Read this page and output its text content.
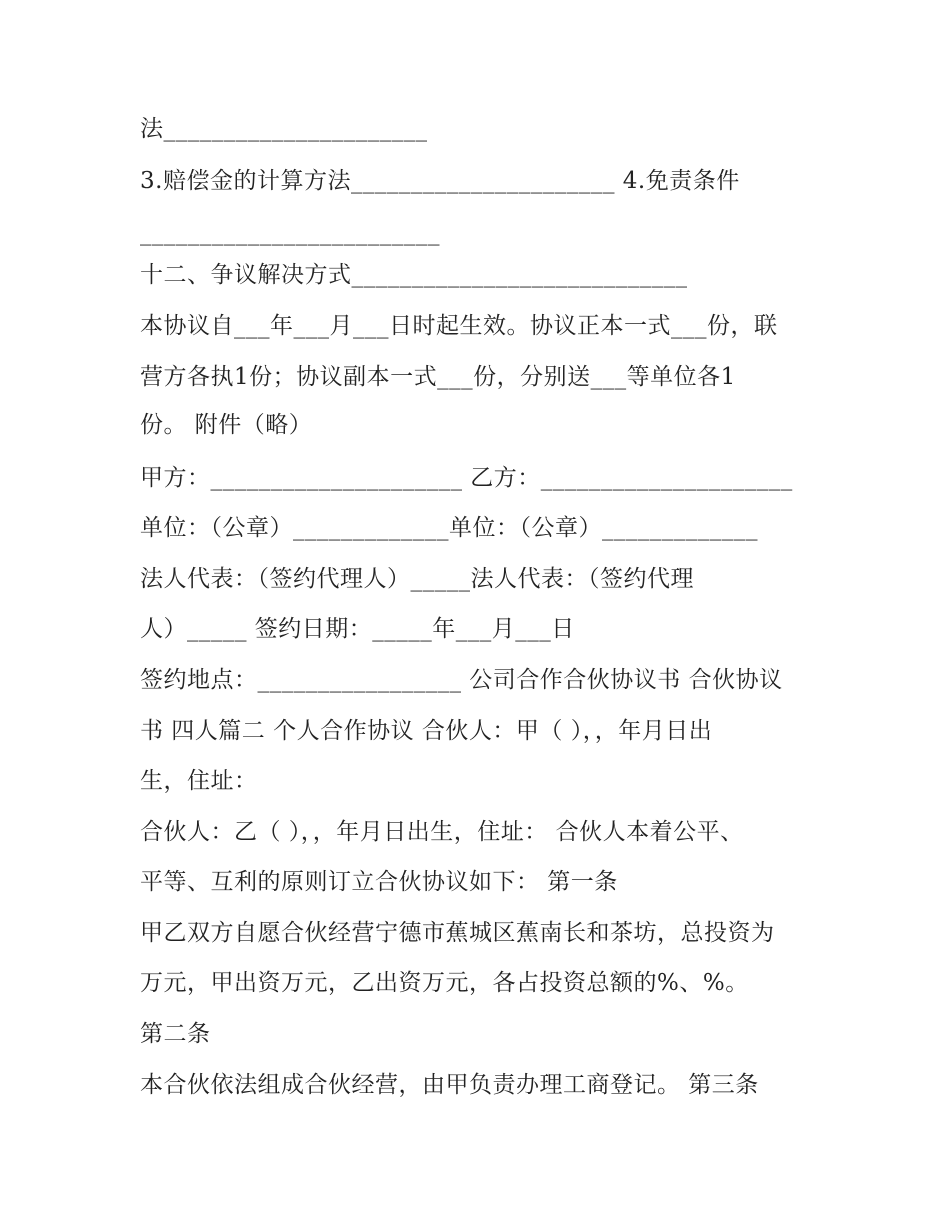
法______________________
3.赔偿金的计算方法______________________ 4.免责条件
_________________________
十二、争议解决方式____________________________
本协议自___年___月___日时起生效。协议正本一式___份，联
营方各执1份；协议副本一式___份，分别送___等单位各1
份。 附件（略）
甲方：_____________________ 乙方：_____________________
单位：（公章）_____________单位：（公章）_____________
法人代表：（签约代理人）_____法人代表：（签约代理
人）_____ 签约日期：_____年___月___日
签约地点：_________________ 公司合作合伙协议书 合伙协议
书 四人篇二 个人合作协议 合伙人：甲（ ），，年月日出
生，住址：
合伙人：乙（ ），，年月日出生，住址： 合伙人本着公平、
平等、互利的原则订立合伙协议如下： 第一条
甲乙双方自愿合伙经营宁德市蕉城区蕉南长和茶坊，总投资为
万元，甲出资万元，乙出资万元，各占投资总额的%、%。
第二条
本合伙依法组成合伙经营，由甲负责办理工商登记。 第三条
